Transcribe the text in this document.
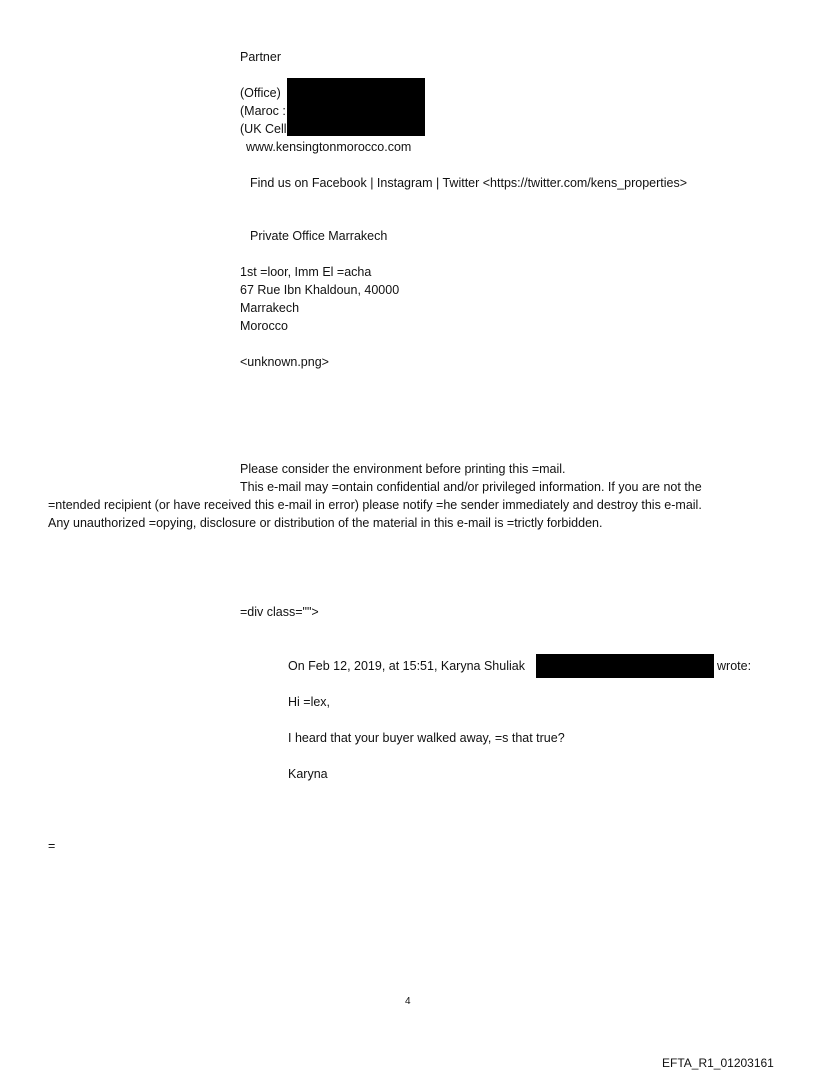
Partner
(Office)
(Maroc :
(UK Cell
www.kensingtonmorocco.com
Find us on Facebook | Instagram | Twitter <https://twitter.com/kens_properties>
Private Office Marrakech
1st =loor, Imm El =acha
67 Rue Ibn Khaldoun, 40000
Marrakech
Morocco
<unknown.png>
Please consider the environment before printing this =mail.
This e-mail may =ontain confidential and/or privileged information. If you are not the
=ntended recipient (or have received this e-mail in error) please notify =he sender immediately and destroy this e-mail.
Any unauthorized =opying, disclosure or distribution of the material in this e-mail is =trictly forbidden.
=div class="">
On Feb 12, 2019, at 15:51, Karyna Shuliak	wrote:
Hi =lex,
I heard that your buyer walked away, =s that true?
Karyna
=
4
EFTA_R1_01203161
